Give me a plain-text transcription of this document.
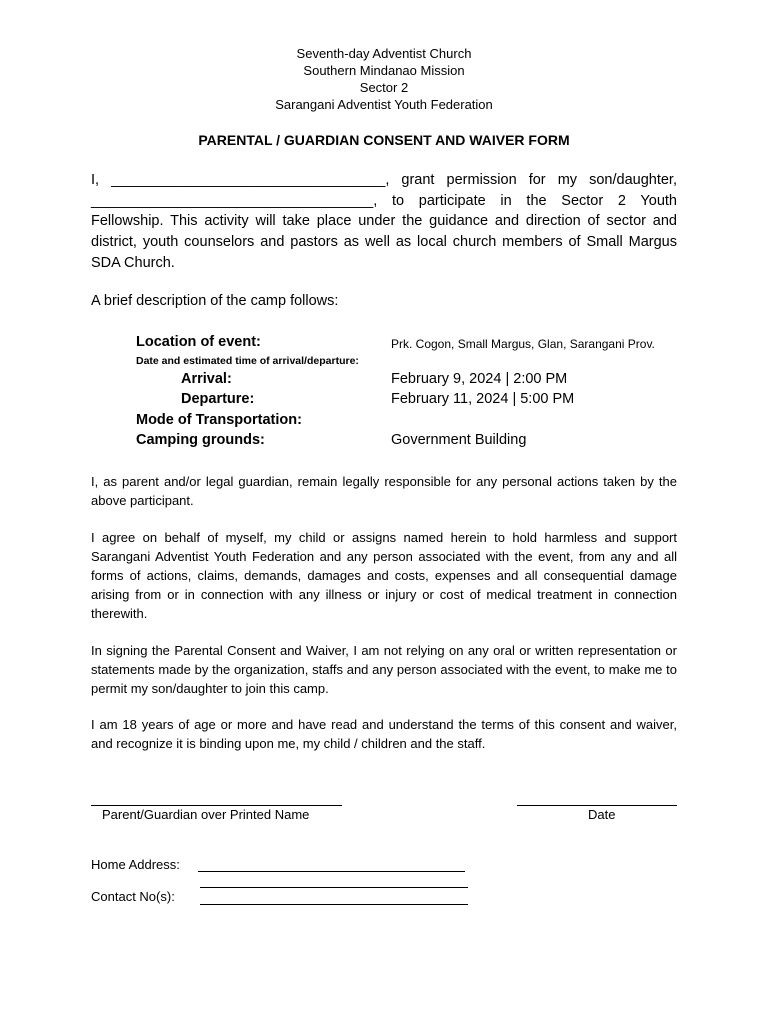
Seventh-day Adventist Church
Southern Mindanao Mission
Sector 2
Sarangani Adventist Youth Federation
PARENTAL / GUARDIAN CONSENT AND WAIVER FORM
I, __________________________________, grant permission for my son/daughter, ___________________________________, to participate in the Sector 2 Youth Fellowship. This activity will take place under the guidance and direction of sector and district, youth counselors and pastors as well as local church members of Small Margus SDA Church.
A brief description of the camp follows:
Location of event:	Prk. Cogon, Small Margus, Glan, Sarangani Prov.
Date and estimated time of arrival/departure:
Arrival:	February 9, 2024 | 2:00 PM
Departure:	February 11, 2024 | 5:00 PM
Mode of Transportation:
Camping grounds:	Government Building
I, as parent and/or legal guardian, remain legally responsible for any personal actions taken by the above participant.
I agree on behalf of myself, my child or assigns named herein to hold harmless and support Sarangani Adventist Youth Federation and any person associated with the event, from any and all forms of actions, claims, demands, damages and costs, expenses and all consequential damage arising from or in connection with any illness or injury or cost of medical treatment in connection therewith.
In signing the Parental Consent and Waiver, I am not relying on any oral or written representation or statements made by the organization, staffs and any person associated with the event, to make me to permit my son/daughter to join this camp.
I am 18 years of age or more and have read and understand the terms of this consent and waiver, and recognize it is binding upon me, my child / children and the staff.
Parent/Guardian over Printed Name	Date
Home Address:
Contact No(s):
